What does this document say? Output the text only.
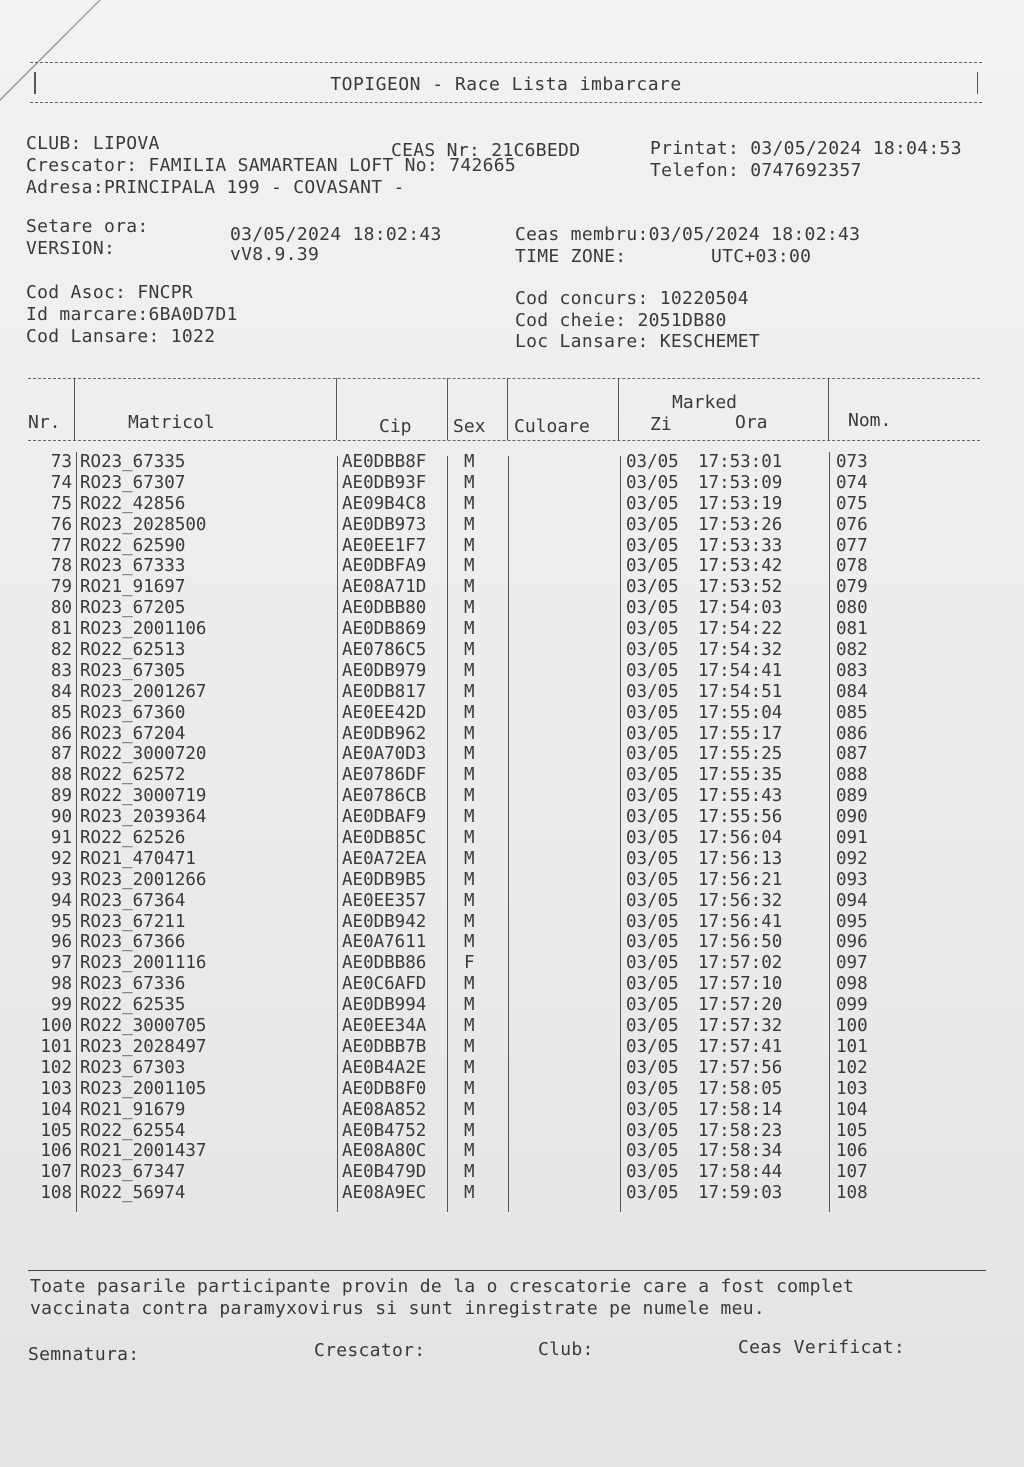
TOPIGEON - Race Lista imbarcare
CLUB: LIPOVA	CEAS Nr: 21C6BEDD	Printat: 03/05/2024 18:04:53
Crescator: FAMILIA SAMARTEAN LOFT No: 742665	Telefon: 0747692357
Adresa:PRINCIPALA 199 - COVASANT -
Setare ora:	03/05/2024 18:02:43
VERSION:	vV8.9.39
Ceas membru:03/05/2024 18:02:43
TIME ZONE:	UTC+03:00
Cod Asoc: FNCPR
Id marcare:6BA0D7D1
Cod Lansare: 1022
Cod concurs: 10220504
Cod cheie: 2051DB80
Loc Lansare: KESCHEMET
Nr.	Matricol	Cip Sex Culoare
Marked
Zi	Ora	Nom.
73 RO23_67335	AE0DBB8F M	03/05 17:53:01	073
74 RO23_67307	AE0DB93F M	03/05 17:53:09	074
75 RO22_42856	AE09B4C8 M	03/05 17:53:19	075
76 RO23_2028500	AE0DB973 M	03/05 17:53:26	076
77 RO22_62590	AE0EE1F7 M	03/05 17:53:33	077
78 RO23_67333	AE0DBFA9 M	03/05 17:53:42	078
79 RO21_91697	AE08A71D M	03/05 17:53:52	079
80 RO23_67205	AE0DBB80 M	03/05 17:54:03	080
81 RO23_2001106	AE0DB869 M	03/05 17:54:22	081
82 RO22_62513	AE0786C5 M	03/05 17:54:32	082
83 RO23_67305	AE0DB979 M	03/05 17:54:41	083
84 RO23_2001267	AE0DB817 M	03/05 17:54:51	084
85 RO23_67360	AE0EE42D M	03/05 17:55:04	085
86 RO23_67204	AE0DB962 M	03/05 17:55:17	086
87 RO22_3000720	AE0A70D3 M	03/05 17:55:25	087
88 RO22_62572	AE0786DF M	03/05 17:55:35	088
89 RO22_3000719	AE0786CB M	03/05 17:55:43	089
90 RO23_2039364	AE0DBAF9 M	03/05 17:55:56	090
91 RO22_62526	AE0DB85C M	03/05 17:56:04	091
92 RO21_470471	AE0A72EA M	03/05 17:56:13	092
93 RO23_2001266	AE0DB9B5 M	03/05 17:56:21	093
94 RO23_67364	AE0EE357 M	03/05 17:56:32	094
95 RO23_67211	AE0DB942 M	03/05 17:56:41	095
96 RO23_67366	AE0A7611 M	03/05 17:56:50	096
97 RO23_2001116	AE0DBB86 F	03/05 17:57:02	097
98 RO23_67336	AE0C6AFD M	03/05 17:57:10	098
99 RO22_62535	AE0DB994 M	03/05 17:57:20	099
100 RO22_3000705	AE0EE34A M	03/05 17:57:32	100
101 RO23_2028497	AE0DBB7B M	03/05 17:57:41	101
102 RO23_67303	AE0B4A2E M	03/05 17:57:56	102
103 RO23_2001105	AE0DB8F0 M	03/05 17:58:05	103
104 RO21_91679	AE08A852 M	03/05 17:58:14	104
105 RO22_62554	AE0B4752 M	03/05 17:58:23	105
106 RO21_2001437	AE08A80C M	03/05 17:58:34	106
107 RO23_67347	AE0B479D M	03/05 17:58:44	107
108 RO22_56974	AE08A9EC M	03/05 17:59:03	108
Toate pasarile participante provin de la o crescatorie care a fost complet
vaccinata contra paramyxovirus si sunt inregistrate pe numele meu.
Semnatura:	Crescator:	Club:	Ceas Verificat:
